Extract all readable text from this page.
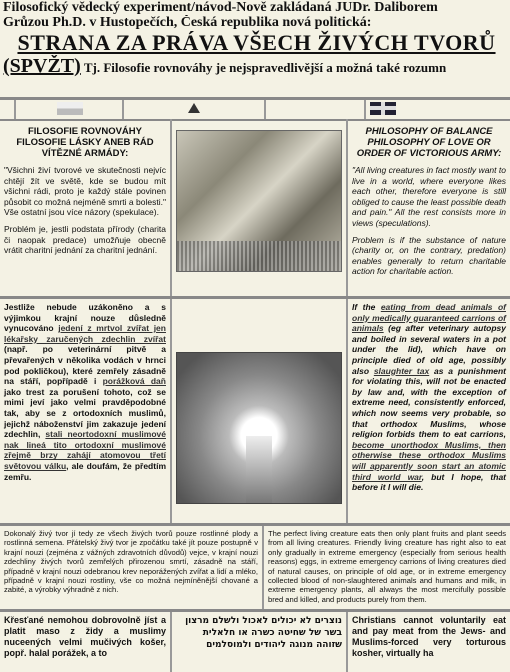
Filosofický vědecký experiment/návod-Nově zakládaná JUDr. Daliborem
Grůzou Ph.D. v Hustopečích, Česká republika nová politická:
STRANA ZA PRÁVA VŠECH ŽIVÝCH TVORŮ
(SPVŽT) Tj. Filosofie rovnováhy je nejspravedlivější a možná také rozumn
FILOSOFIE ROVNOVÁHY FILOSOFIE LÁSKY ANEB RÁD VÍTĚZNÉ ARMÁDY:

"Všichni živí tvorové ve skutečnosti nejvíc chtějí žít ve světě, kde se budou mít všichni rádi, proto je každý stále povinen působit co možná nejméně smrti a bolesti." Vše ostatní jsou více názory (spekulace).

Problém je, jestli podstata přírody (charita či naopak predace) umožňuje obecně vrátit charitní jednání za charitní jednání.

PHILOSOPHY OF BALANCE PHILOSOPHY OF LOVE OR ORDER OF VICTORIOUS ARMY:

"All living creatures in fact mostly want to live in a world, where everyone likes each other, therefore everyone is still obliged to cause the least possible death and pain." All the rest consists more in views (speculations).

Problem is if the substance of nature (charity or, on the contrary, predation) enables generally to return charitable action for charitable action.

Jestliže nebude uzákoněno a s výjimkou krajní nouze důsledně vynucováno jedení z mrtvol zvířat jen lékařsky zaručených zdechlin zvířat (např. po veterinární pitvě a převařených v několika vodách v hrnci pod pokličkou), které zemřely zásadně na stáří, popřípadě i porážková daň jako trest za porušení tohoto, což se mimi jeví jako velmi pravděpodobné tak, aby se z ortodoxních muslimů, jejichž náboženství jim zakazuje jedení zdechlin, stali neortodoxní muslimové nak lineá tito ortodoxní muslimové zřejmě brzy zahájí atomovou třetí světovou válku, ale doufám, že předtím zemřu.
If the eating from dead animals of only medically guaranteed carrions of animals (eg after veterinary autopsy and boiled in several waters in a pot under the lid), which have on principle died of old age, possibly also slaughter tax as a punishment for violating this, will not be enacted by law and, with the exception of extreme need, consistently enforced, which now seems very probable, so that orthodox Muslims, whose religion forbids them to eat carrions, become unorthodox Muslims, then otherwise these orthodox Muslims will apparently soon start an atomic third world war, but I hope, that before it I will die.
Dokonalý živý tvor jí tedy ze všech živých tvorů pouze rostlinné plody a rostlinná semena. Přátelský živý tvor je zpočátku také jít pouze postupně v krajní nouzi (zejména z vážných zdravotních důvodů) vejce, v krajní nouzi zdechliny živých tvorů zemřelých přirozenou smrtí, zásadně na stáří, případně v krajní nouzi odebranou krev neporážených zvířat a lidí a mléko, případně v krajní nouzi rostliny, vše co možná nejmíněnější chované a zabité, a výrobky výhradně z nich.
The perfect living creature eats then only plant fruits and plant seeds from all living creatures. Friendly living creature has right also to eat only gradually in extreme emergency (especially from serious health reasons) eggs, in extreme emergency carrions of living creatures died of natural causes, on principle of old age, or in extreme emergency collected blood of non-slaughtered animals and humans and milk, in extreme emergency plants, all always the most mercifully possible bred and killed, and products purely from them.
Křesťané nemohou dobrovolně jíst a platit maso z židy a muslimy nuceených velmi mučivých košer, popř. halal porážek, a to
נוצרים לא יכולים לאכול ולשלם מרצון בשר של שחיטה כשרה או חלאלית שזוהה מנוגה ליהודים ולמוסלמים
Christians cannot voluntarily eat and pay meat from the Jews- and Muslims-forced very torturous kosher, virtually ha
